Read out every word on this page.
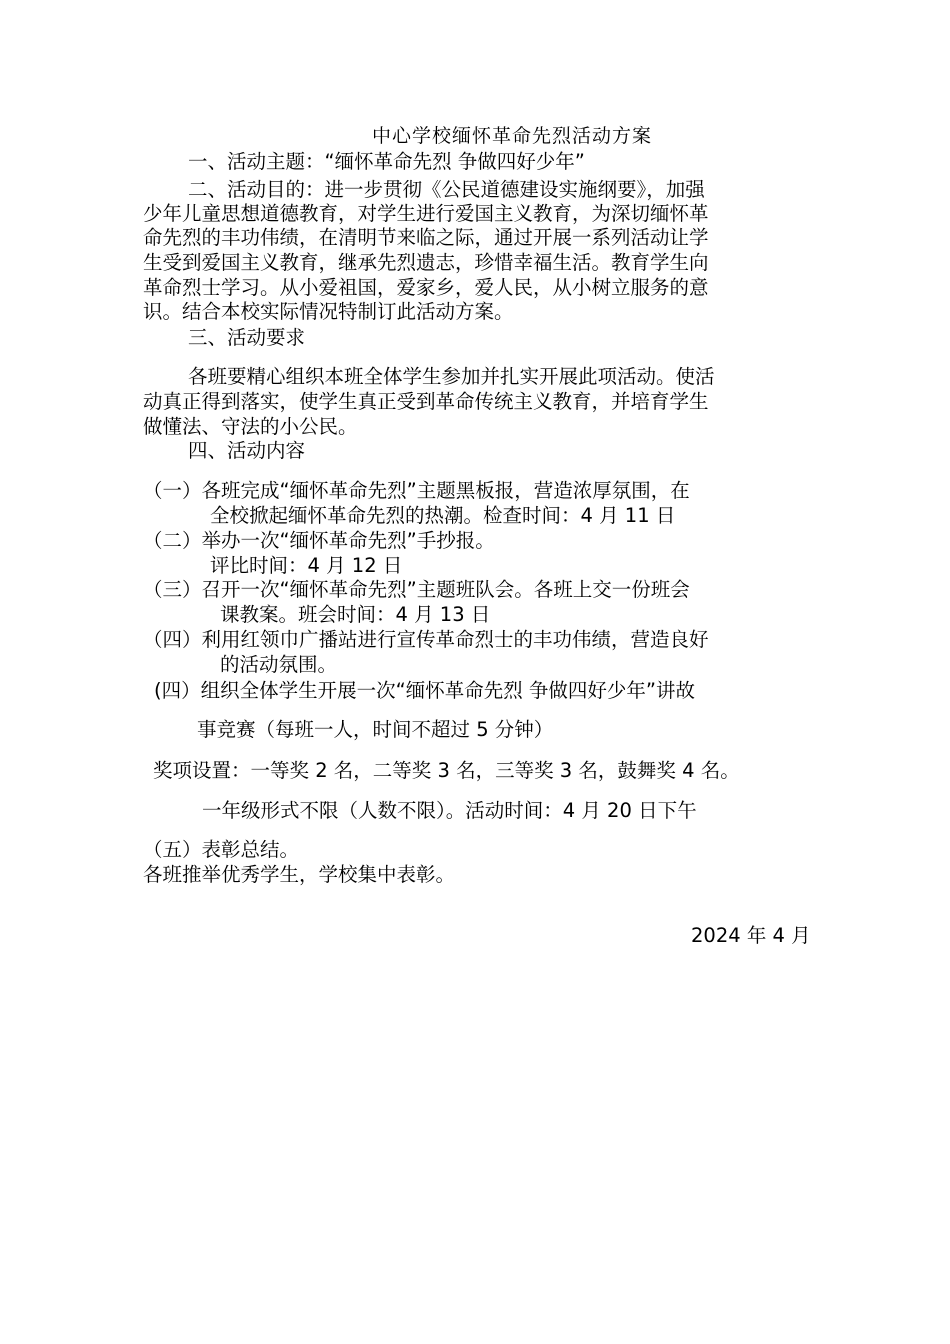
中心学校缅怀革命先烈活动方案
一、活动主题：“缅怀革命先烈 争做四好少年”
二、活动目的：进一步贯彻《公民道德建设实施纲要》，加强
少年儿童思想道德教育，对学生进行爱国主义教育，为深切缅怀革
命先烈的丰功伟绩，在清明节来临之际，通过开展一系列活动让学
生受到爱国主义教育，继承先烈遗志，珍惜幸福生活。教育学生向
革命烈士学习。从小爱祖国，爱家乡，爱人民，从小树立服务的意
识。结合本校实际情况特制订此活动方案。
三、活动要求
各班要精心组织本班全体学生参加并扎实开展此项活动。使活
动真正得到落实，使学生真正受到革命传统主义教育，并培育学生
做懂法、守法的小公民。
四、活动内容
（一）各班完成“缅怀革命先烈”主题黑板报，营造浓厚氛围，在
全校掀起缅怀革命先烈的热潮。检查时间：4 月 11 日
（二）举办一次“缅怀革命先烈”手抄报。
评比时间：4 月 12 日
（三）召开一次“缅怀革命先烈”主题班队会。各班上交一份班会
课教案。班会时间：4 月 13 日
（四）利用红领巾广播站进行宣传革命烈士的丰功伟绩，营造良好
的活动氛围。
(四）组织全体学生开展一次“缅怀革命先烈 争做四好少年”讲故
事竞赛（每班一人，时间不超过 5 分钟）
奖项设置：一等奖 2 名，二等奖 3 名，三等奖 3 名，鼓舞奖 4 名。
一年级形式不限（人数不限）。活动时间：4 月 20 日下午
（五）表彰总结。
各班推举优秀学生，学校集中表彰。
2024 年 4 月
